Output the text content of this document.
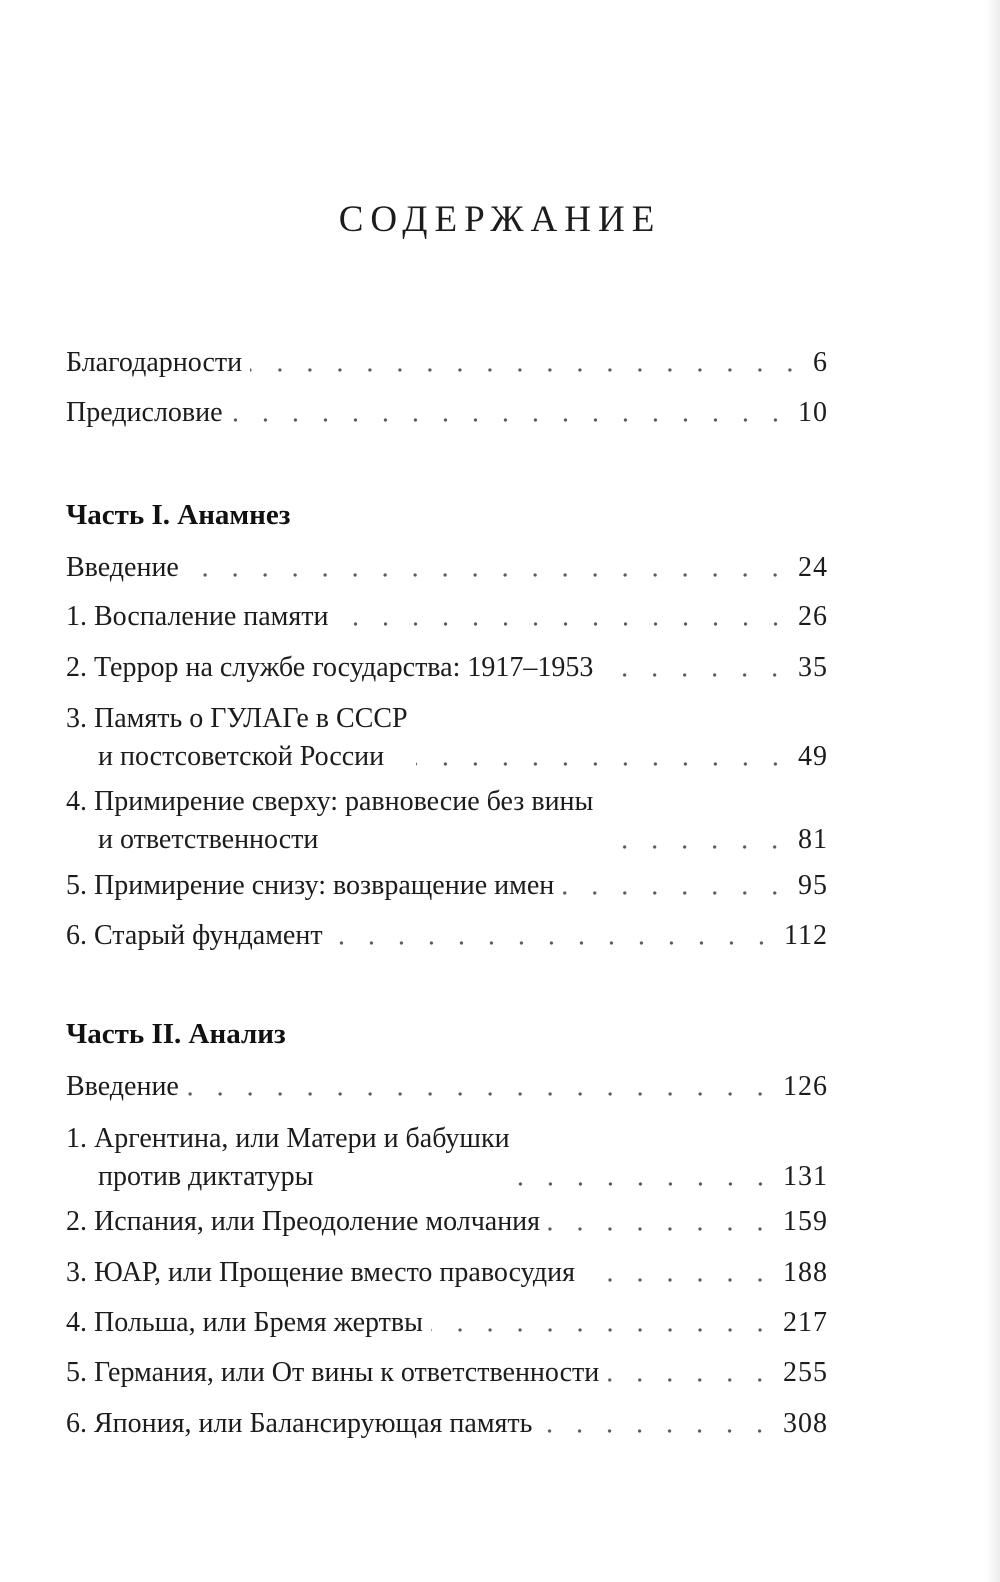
СОДЕРЖАНИЕ
Благодарности	6
Предисловие	10
Часть I. Анамнез
Введение	24
1. Воспаление памяти	26
2. Террор на службе государства: 1917–1953	35
3. Память о ГУЛАГе в СССР
и постсоветской России	49
4. Примирение сверху: равновесие без вины
и ответственности	81
5. Примирение снизу: возвращение имен	95
6. Старый фундамент	112
Часть II. Анализ
Введение	126
1. Аргентина, или Матери и бабушки
против диктатуры	131
2. Испания, или Преодоление молчания	159
3. ЮАР, или Прощение вместо правосудия	188
4. Польша, или Бремя жертвы	217
5. Германия, или От вины к ответственности	255
6. Япония, или Балансирующая память	308
